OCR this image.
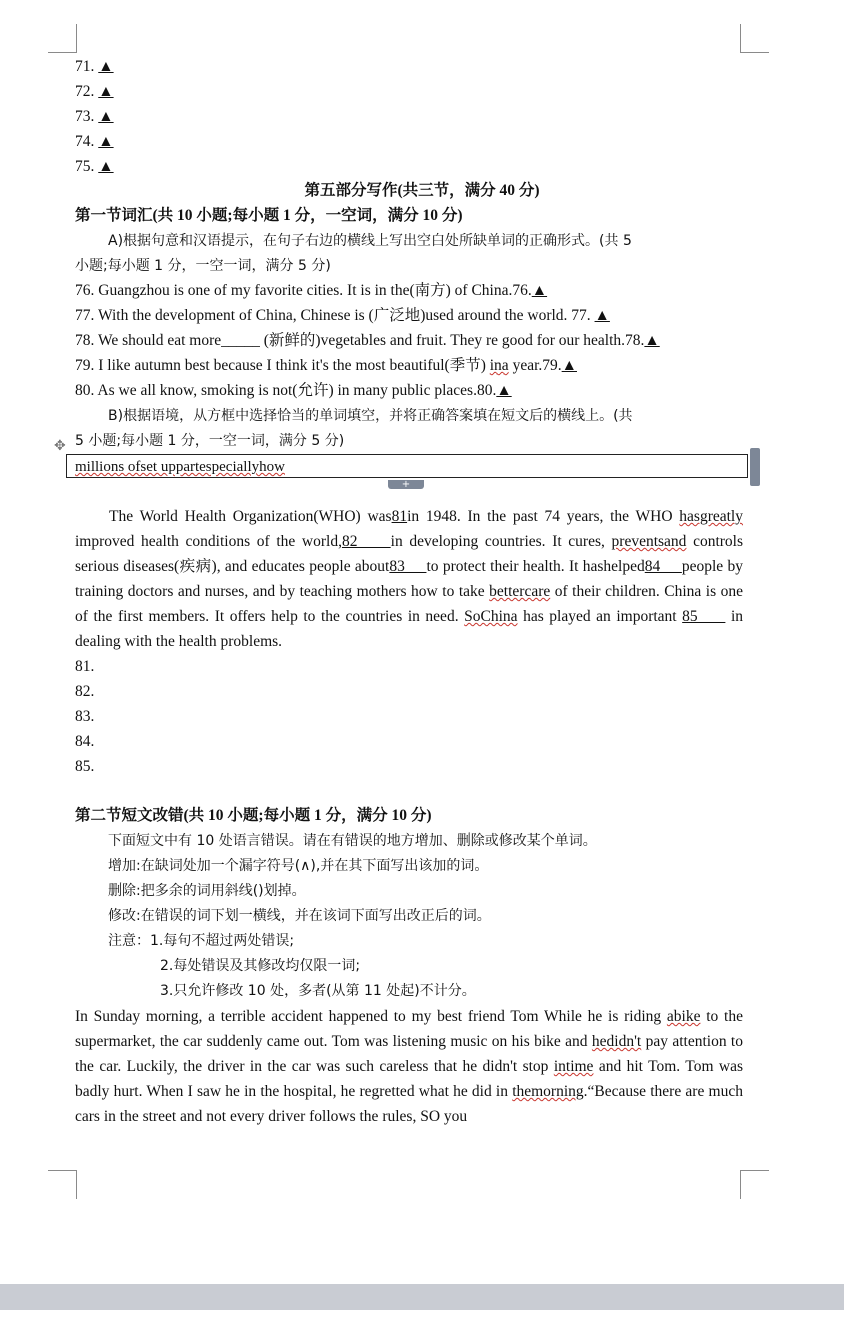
71. ▲
72. ▲
73. ▲
74. ▲
75. ▲
第五部分写作(共三节，满分 40 分)
第一节词汇(共 10 小题;每小题 1 分，一空词，满分 10 分)
A)根据句意和汉语提示，在句子右边的横线上写出空白处所缺单词的正确形式。(共 5
小题;每小题 1 分，一空一词，满分 5 分)
76. Guangzhou is one of my favorite cities. It is in the(南方) of China.76.▲
77. With the development of China, Chinese is (广泛地)used around the world. 77. ▲
78. We should eat more_____ (新鲜的)vegetables and fruit. They re good for our health.78.▲
79. I like autumn best because I think it's the most beautiful(季节) ina year.79.▲
80. As we all know, smoking is not(允许) in many public places.80.▲
B)根据语境，从方框中选择恰当的单词填空，并将正确答案填在短文后的横线上。(共
5 小题;每小题 1 分，一空一词，满分 5 分)
✥
millions ofset uppartespeciallyhow
+
The World Health Organization(WHO) was81in 1948. In the past 74 years, the WHO hasgreatly improved health conditions of the world,82     in developing countries. It cures, preventsand controls serious diseases(疾病), and educates people about83     to protect their health. It hashelped84     people by training doctors and nurses, and by teaching mothers how to take bettercare of their children. China is one of the first members. It offers help to the countries in need. SoChina has played an important 85      in dealing with the health problems.
81.
82.
83.
84.
85.
第二节短文改错(共 10 小题;每小题 1 分，满分 10 分)
下面短文中有 10 处语言错误。请在有错误的地方增加、删除或修改某个单词。
增加:在缺词处加一个漏字符号(∧),并在其下面写出该加的词。
删除:把多余的词用斜线()划掉。
修改:在错误的词下划一横线，并在该词下面写出改正后的词。
注意：1.每句不超过两处错误;
2.每处错误及其修改均仅限一词;
3.只允许修改 10 处，多者(从第 11 处起)不计分。
In Sunday morning, a terrible accident happened to my best friend Tom While he is riding abike to the supermarket, the car suddenly came out. Tom was listening music on his bike and hedidn't pay attention to the car. Luckily, the driver in the car was such careless that he didn't stop intime and hit Tom. Tom was badly hurt. When I saw he in the hospital, he regretted what he did in themorning.“Because there are much cars in the street and not every driver follows the rules, SO you
